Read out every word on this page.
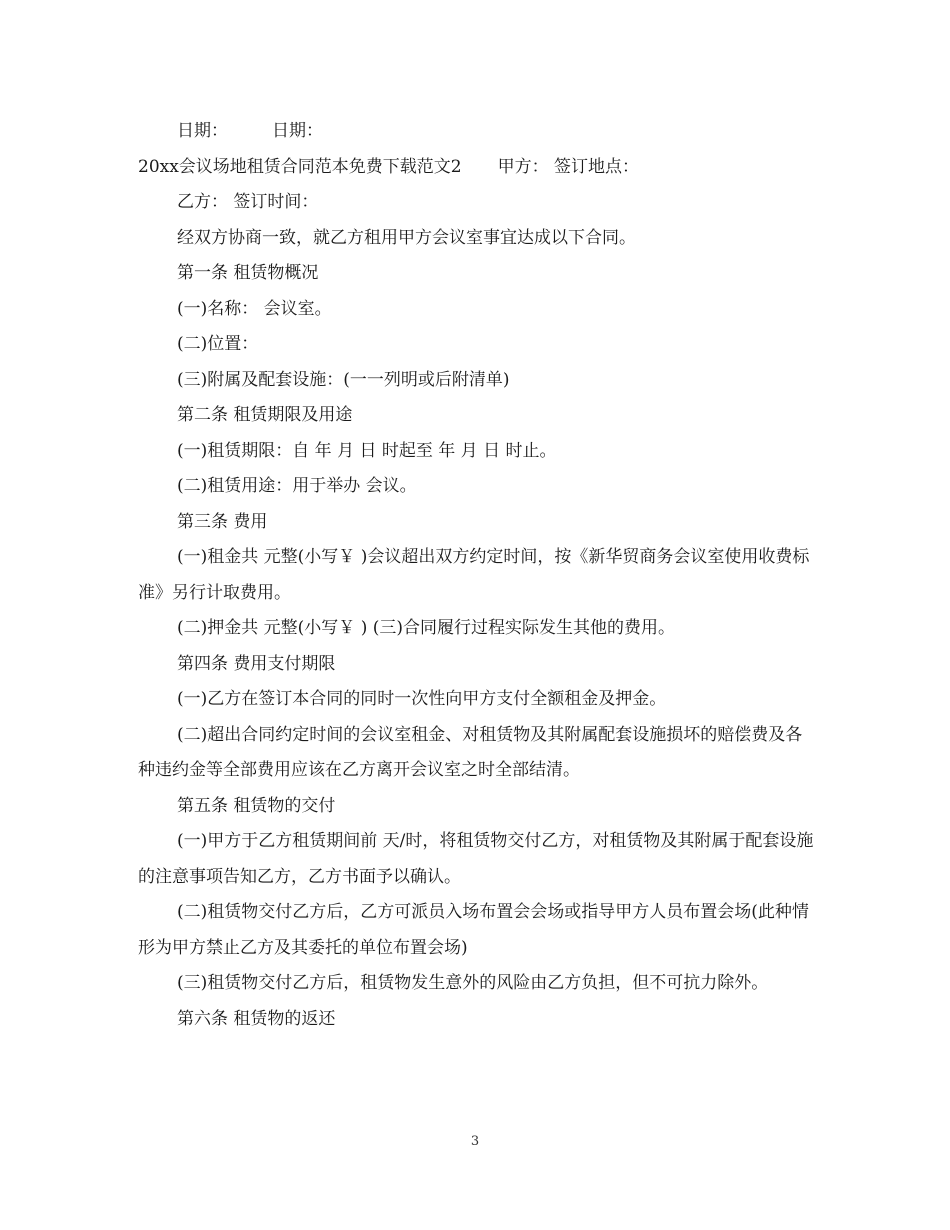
日期：	日期：

20xx会议场地租赁合同范本免费下载范文2 甲方： 签订地点：

乙方： 签订时间：

经双方协商一致，就乙方租用甲方会议室事宜达成以下合同。

第一条 租赁物概况

(一)名称： 会议室。

(二)位置：

(三)附属及配套设施：(一一列明或后附清单)

第二条 租赁期限及用途

(一)租赁期限：自 年 月 日 时起至 年 月 日 时止。

(二)租赁用途：用于举办 会议。

第三条 费用

(一)租金共 元整(小写￥ )会议超出双方约定时间，按《新华贸商务会议室使用收费标准》另行计取费用。

(二)押金共 元整(小写￥ ) (三)合同履行过程实际发生其他的费用。

第四条 费用支付期限

(一)乙方在签订本合同的同时一次性向甲方支付全额租金及押金。

(二)超出合同约定时间的会议室租金、对租赁物及其附属配套设施损坏的赔偿费及各种违约金等全部费用应该在乙方离开会议室之时全部结清。

第五条 租赁物的交付

(一)甲方于乙方租赁期间前 天/时，将租赁物交付乙方，对租赁物及其附属于配套设施的注意事项告知乙方，乙方书面予以确认。

(二)租赁物交付乙方后，乙方可派员入场布置会会场或指导甲方人员布置会场(此种情形为甲方禁止乙方及其委托的单位布置会场)

(三)租赁物交付乙方后，租赁物发生意外的风险由乙方负担，但不可抗力除外。

第六条 租赁物的返还

3
